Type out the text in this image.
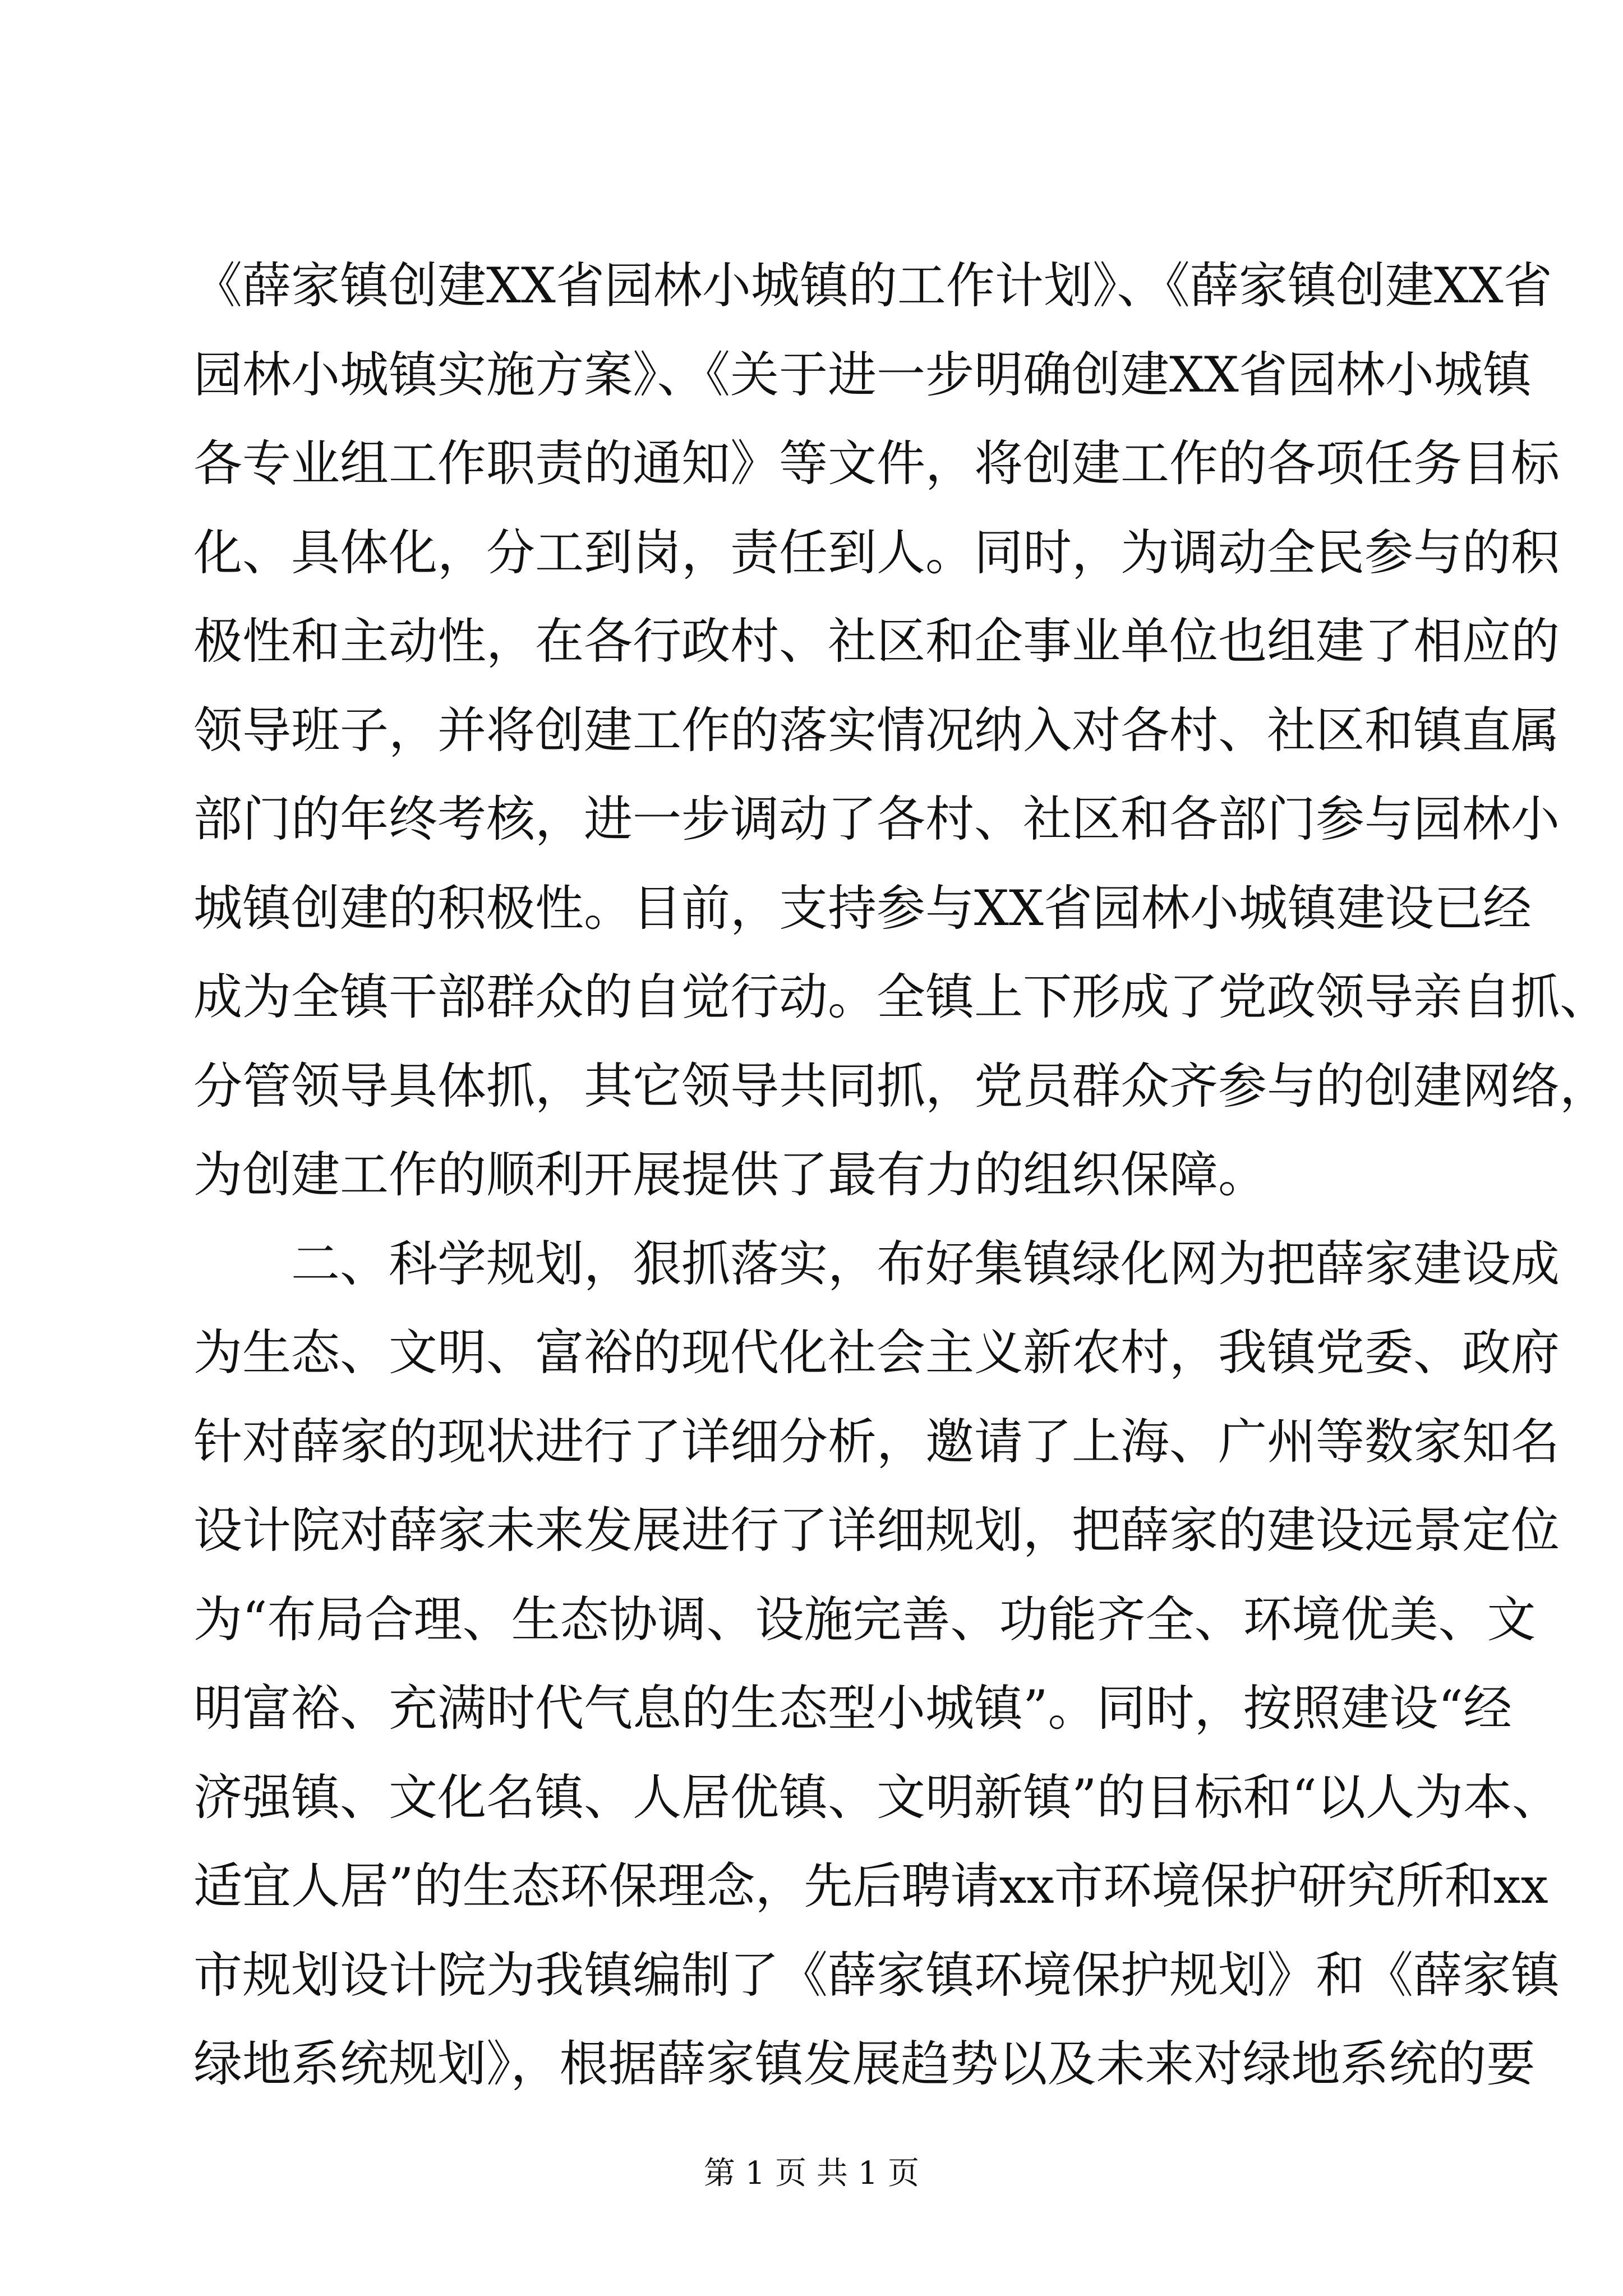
《薛家镇创建XX省园林小城镇的工作计划》、《薛家镇创建XX省
园林小城镇实施方案》、《关于进一步明确创建XX省园林小城镇
各专业组工作职责的通知》等文件，将创建工作的各项任务目标
化、具体化，分工到岗，责任到人。同时，为调动全民参与的积
极性和主动性，在各行政村、社区和企事业单位也组建了相应的
领导班子，并将创建工作的落实情况纳入对各村、社区和镇直属
部门的年终考核，进一步调动了各村、社区和各部门参与园林小
城镇创建的积极性。目前，支持参与XX省园林小城镇建设已经
成为全镇干部群众的自觉行动。全镇上下形成了党政领导亲自抓、
分管领导具体抓，其它领导共同抓，党员群众齐参与的创建网络，
为创建工作的顺利开展提供了最有力的组织保障。
二、科学规划，狠抓落实，布好集镇绿化网为把薛家建设成
为生态、文明、富裕的现代化社会主义新农村，我镇党委、政府
针对薛家的现状进行了详细分析，邀请了上海、广州等数家知名
设计院对薛家未来发展进行了详细规划，把薛家的建设远景定位
为“布局合理、生态协调、设施完善、功能齐全、环境优美、文
明富裕、充满时代气息的生态型小城镇”。同时，按照建设“经
济强镇、文化名镇、人居优镇、文明新镇”的目标和“以人为本、
适宜人居”的生态环保理念，先后聘请xx市环境保护研究所和xx
市规划设计院为我镇编制了《薛家镇环境保护规划》和《薛家镇
绿地系统规划》，根据薛家镇发展趋势以及未来对绿地系统的要
第 1 页 共 1 页
